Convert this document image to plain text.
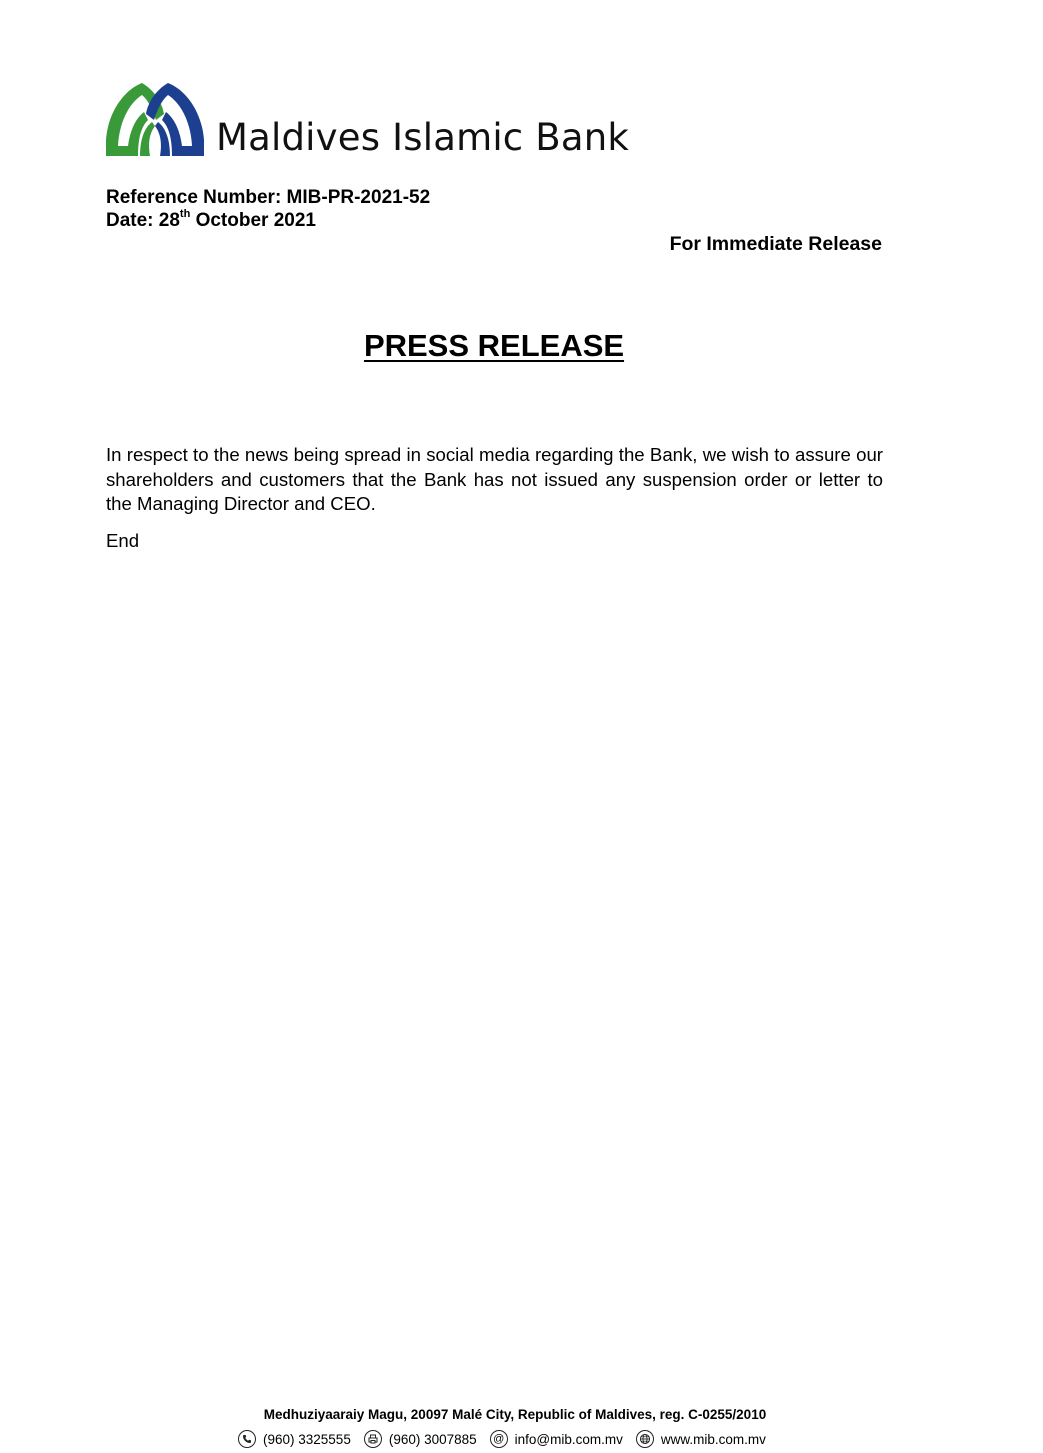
Maldives Islamic Bank
Reference Number: MIB-PR-2021-52
Date: 28th October 2021
For Immediate Release
PRESS RELEASE

In respect to the news being spread in social media regarding the Bank, we wish to assure our shareholders and customers that the Bank has not issued any suspension order or letter to the Managing Director and CEO.

End
Medhuziyaaraiy Magu, 20097 Malé City, Republic of Maldives, reg. C-0255/2010
(960) 3325555	(960) 3007885	@ info@mib.com.mv	www.mib.com.mv
